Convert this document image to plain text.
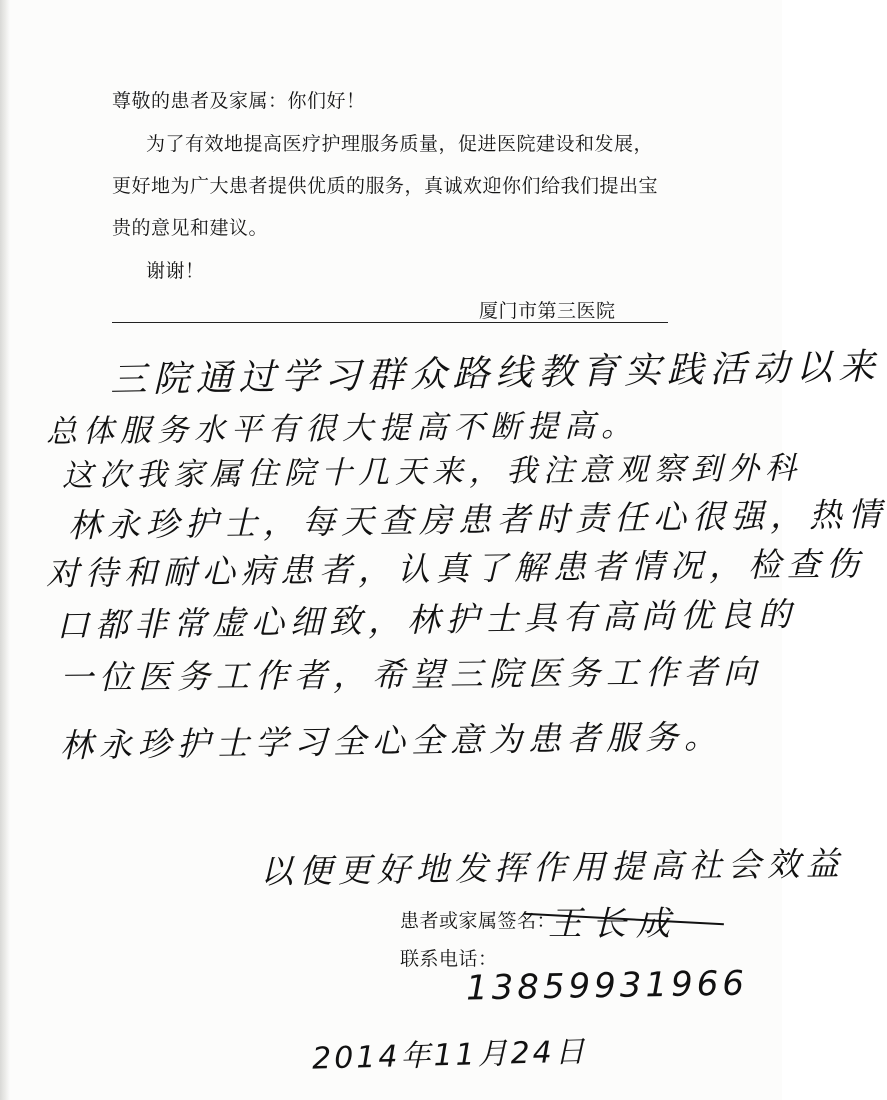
尊敬的患者及家属：你们好！
为了有效地提高医疗护理服务质量，促进医院建设和发展，
更好地为广大患者提供优质的服务，真诚欢迎你们给我们提出宝
贵的意见和建议。
谢谢！
厦门市第三医院
三院通过学习群众路线教育实践活动以来
总体服务水平有很大提高不断提高。
这次我家属住院十几天来，我注意观察到外科
林永珍护士，每天查房患者时责任心很强，热情
对待和耐心病患者，认真了解患者情况，检查伤
口都非常虚心细致，林护士具有高尚优良的
一位医务工作者，希望三院医务工作者向
林永珍护士学习全心全意为患者服务。
以便更好地发挥作用提高社会效益
患者或家属签名：
王长成
联系电话：
13859931966
2014年11月24日
